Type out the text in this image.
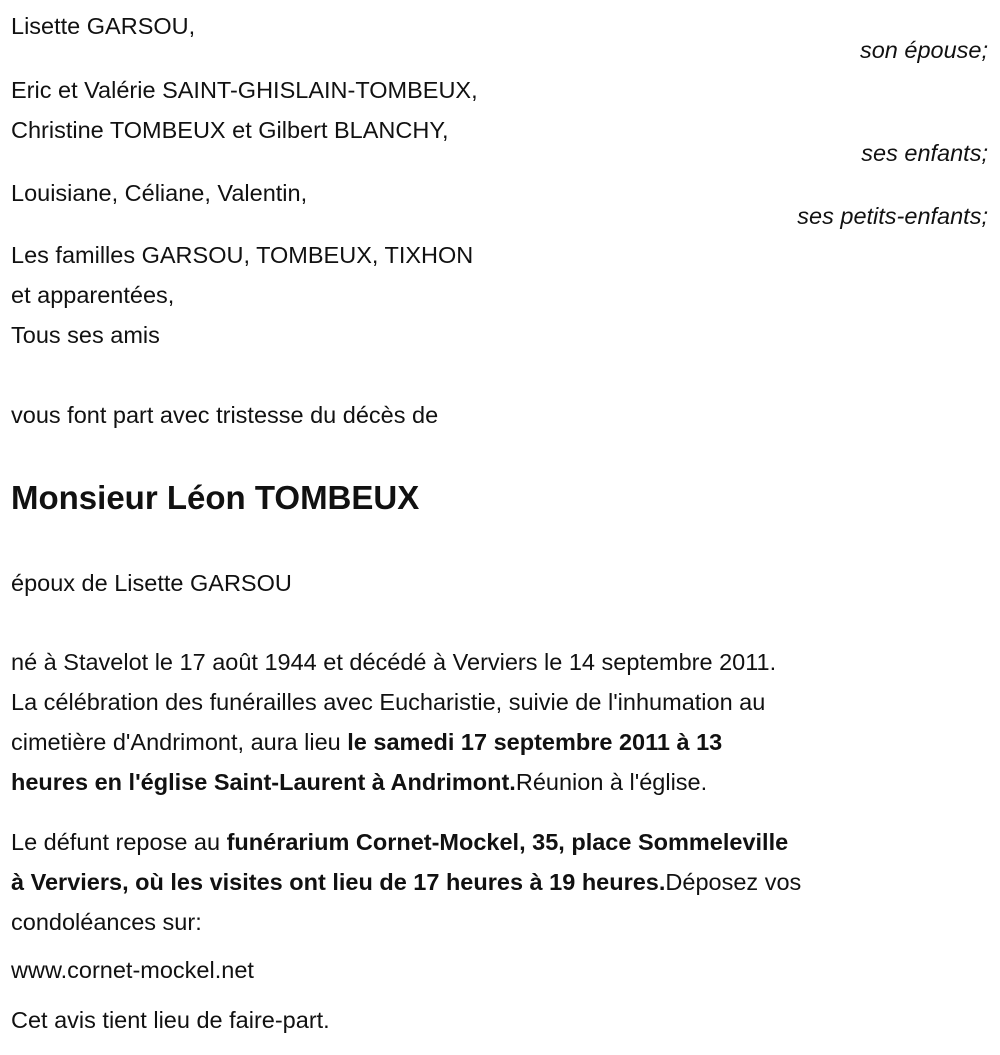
Lisette GARSOU,
son épouse;
Eric et Valérie SAINT-GHISLAIN-TOMBEUX,
Christine TOMBEUX et Gilbert BLANCHY,
ses enfants;
Louisiane, Céliane, Valentin,
ses petits-enfants;
Les familles GARSOU, TOMBEUX, TIXHON
et apparentées,
Tous ses amis
vous font part avec tristesse du décès de
Monsieur Léon TOMBEUX
époux de Lisette GARSOU
né à Stavelot le 17 août 1944 et décédé à Verviers le 14 septembre 2011.
La célébration des funérailles avec Eucharistie, suivie de l'inhumation au
cimetière d'Andrimont, aura lieu le samedi 17 septembre 2011 à 13
heures en l'église Saint-Laurent à Andrimont.Réunion à l'église.
Le défunt repose au funérarium Cornet-Mockel, 35, place Sommeleville
à Verviers, où les visites ont lieu de 17 heures à 19 heures.Déposez vos
condoléances sur:
www.cornet-mockel.net
Cet avis tient lieu de faire-part.
